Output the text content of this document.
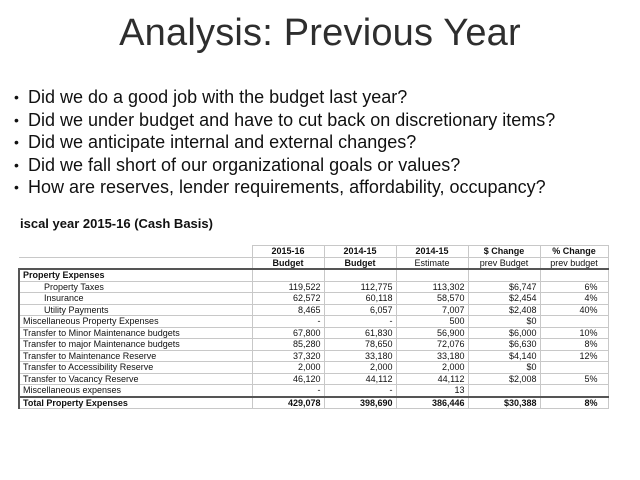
Analysis: Previous Year
• Did we do a good job with the budget last year?
• Did we under budget and have to cut back on discretionary items?
• Did we anticipate internal and external changes?
• Did we fall short of our organizational goals or values?
• How are reserves, lender requirements, affordability, occupancy?
iscal year 2015-16 (Cash Basis)
	2015-16	2014-15	2014-15	$ Change	% Change
	Budget	Budget	Estimate	prev Budget	prev budget
Property Expenses					
Property Taxes	119,522	112,775	113,302	$6,747	6%
Insurance	62,572	60,118	58,570	$2,454	4%
Utility Payments	8,465	6,057	7,007	$2,408	40%
Miscellaneous Property Expenses	-	-	500	$0	
Transfer to Minor Maintenance budgets	67,800	61,830	56,900	$6,000	10%
Transfer to major Maintenance budgets	85,280	78,650	72,076	$6,630	8%
Transfer to Maintenance Reserve	37,320	33,180	33,180	$4,140	12%
Transfer to Accessibility Reserve	2,000	2,000	2,000	$0	
Transfer to Vacancy Reserve	46,120	44,112	44,112	$2,008	5%
Miscellaneous expenses	-	-	13		
Total Property Expenses	429,078	398,690	386,446	$30,388	8%
